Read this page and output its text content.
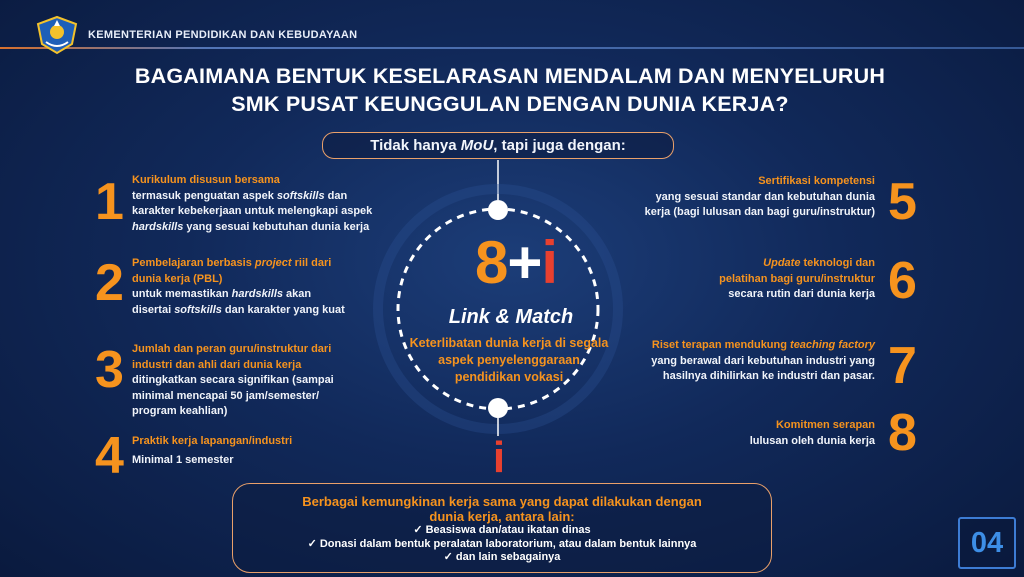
KEMENTERIAN PENDIDIKAN DAN KEBUDAYAAN
BAGAIMANA BENTUK KESELARASAN MENDALAM DAN MENYELURUH
SMK PUSAT KEUNGGULAN DENGAN DUNIA KERJA?
Tidak hanya MoU, tapi juga dengan:
8+i
Link & Match
Keterlibatan dunia kerja di segala
aspek penyelenggaraan
pendidikan vokasi
1 Kurikulum disusun bersama
termasuk penguatan aspek softskills dan
karakter kebekerjaan untuk melengkapi aspek
hardskills yang sesuai kebutuhan dunia kerja
2 Pembelajaran berbasis project riil dari
dunia kerja (PBL)
untuk memastikan hardskills akan
disertai softskills dan karakter yang kuat
3 Jumlah dan peran guru/instruktur dari
industri dan ahli dari dunia kerja
ditingkatkan secara signifikan (sampai
minimal mencapai 50 jam/semester/
program keahlian)
4 Praktik kerja lapangan/industri
Minimal 1 semester
5
Sertifikasi kompetensi
yang sesuai standar dan kebutuhan dunia
kerja (bagi lulusan dan bagi guru/instruktur)
6
Update teknologi dan
pelatihan bagi guru/instruktur
secara rutin dari dunia kerja
7
Riset terapan mendukung teaching factory
yang berawal dari kebutuhan industri yang
hasilnya dihilirkan ke industri dan pasar.
8
Komitmen serapan
lulusan oleh dunia kerja
i
Berbagai kemungkinan kerja sama yang dapat dilakukan dengan
dunia kerja, antara lain:
✓ Beasiswa dan/atau ikatan dinas
✓ Donasi dalam bentuk peralatan laboratorium, atau dalam bentuk lainnya
✓ dan lain sebagainya	04
